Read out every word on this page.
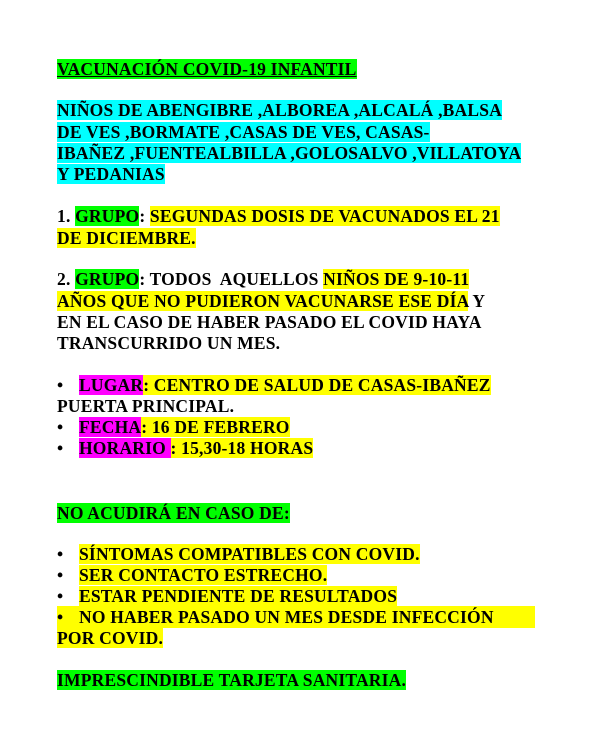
VACUNACIÓN COVID-19 INFANTIL
NIÑOS DE ABENGIBRE ,ALBOREA ,ALCALÁ ,BALSA
DE VES ,BORMATE ,CASAS DE VES, CASAS-
IBAÑEZ ,FUENTEALBILLA ,GOLOSALVO ,VILLATOYA
Y PEDANIAS
1. GRUPO: SEGUNDAS DOSIS DE VACUNADOS EL 21
DE DICIEMBRE.
2. GRUPO: TODOS  AQUELLOS NIÑOS DE 9-10-11
AÑOS QUE NO PUDIERON VACUNARSE ESE DÍA Y
EN EL CASO DE HABER PASADO EL COVID HAYA
TRANSCURRIDO UN MES.
• LUGAR: CENTRO DE SALUD DE CASAS-IBAÑEZ
PUERTA PRINCIPAL.
• FECHA: 16 DE FEBRERO
• HORARIO : 15,30-18 HORAS
NO ACUDIRÁ EN CASO DE:
• SÍNTOMAS COMPATIBLES CON COVID.
• SER CONTACTO ESTRECHO.
• ESTAR PENDIENTE DE RESULTADOS
• NO HABER PASADO UN MES DESDE INFECCIÓN
POR COVID.
IMPRESCINDIBLE TARJETA SANITARIA.
